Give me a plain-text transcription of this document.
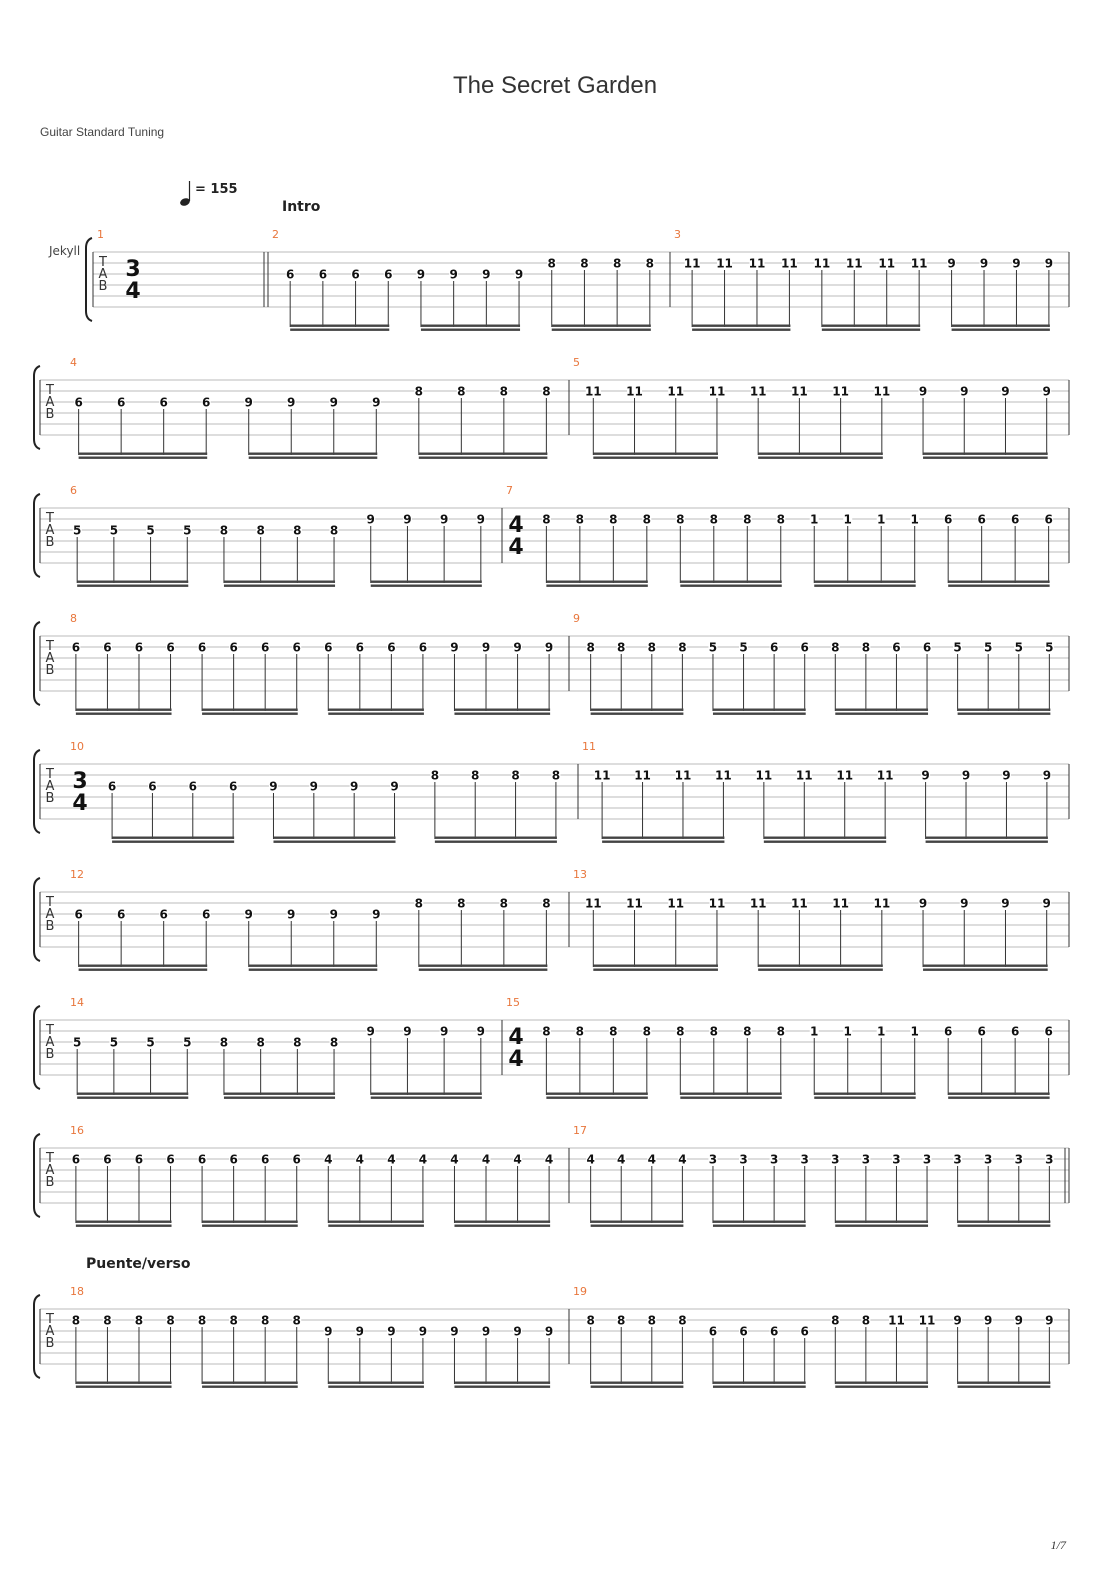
The Secret Garden
Guitar Standard Tuning
= 155
Jekyll
T
A
B
1
3
4
2
Intro
6 6 6 6 9 9 9 9
8 8 8 8
3
11 11 11 11 11 11 11 11 9 9 9 9
T
A
B
4
6	6	6	6	9	9	9	9
8	8	8	8
5
11 11 11 11 11 11 11 11 9	9	9	9
T
A
B
6
5 5 5 5 8 8 8 8
9 9 9 9
7
4
4
8 8 8 8 8 8 8 8 1 1 1 1 6 6 6 6
T
A
B
8
6 6 6 6 6 6 6 6 6 6 6 6 9 9 9 9
9
8 8 8 8 5 5 6 6 8 8 6 6 5 5 5 5
T
A
B
10
3
4
6	6	6	6	9	9	9	9
8	8	8	8
11
11 11 11 11 11 11 11 11 9	9	9	9
T
A
B
12
6	6	6	6	9	9	9	9
8	8	8	8
13
11 11 11 11 11 11 11 11 9	9	9	9
T
A
B
14
5 5 5 5 8 8 8 8
9 9 9 9
15
4
4
8 8 8 8 8 8 8 8 1 1 1 1 6 6 6 6
T
A
B
16
6 6 6 6 6 6 6 6 4 4 4 4 4 4 4 4
17
4 4 4 4 3 3 3 3 3 3 3 3 3 3 3 3
Puente/verso
T
A
B
18
8 8 8 8 8 8 8 8
9 9 9 9 9 9 9 9
19
8 8 8 8
6 6 6 6
8 8 11 11 9 9 9 9
1/7
